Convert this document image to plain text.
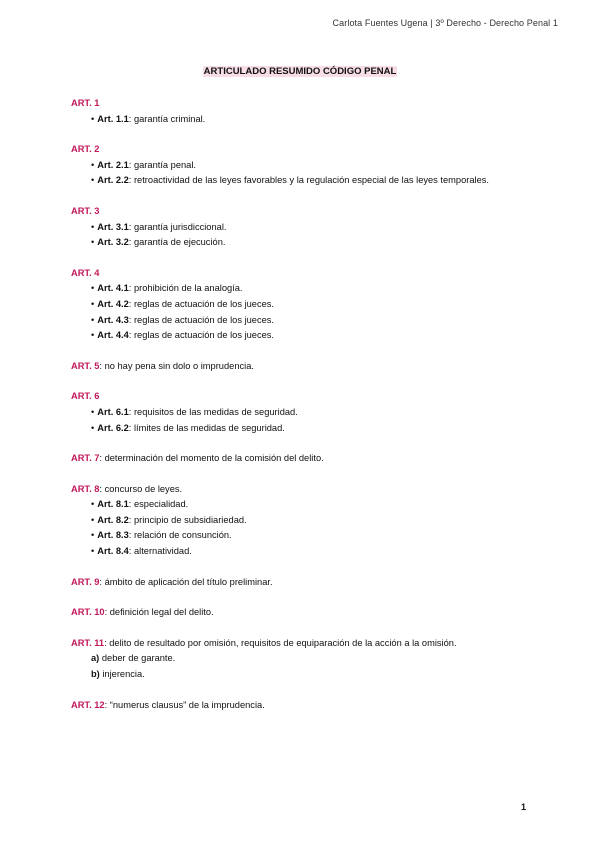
Carlota Fuentes Ugena | 3º Derecho - Derecho Penal 1
ARTICULADO RESUMIDO CÓDIGO PENAL
ART. 1
• Art. 1.1: garantía criminal.
ART. 2
• Art. 2.1: garantía penal.
• Art. 2.2: retroactividad de las leyes favorables y la regulación especial de las leyes temporales.
ART. 3
• Art. 3.1: garantía jurisdiccional.
• Art. 3.2: garantía de ejecución.
ART. 4
• Art. 4.1: prohibición de la analogía.
• Art. 4.2: reglas de actuación de los jueces.
• Art. 4.3: reglas de actuación de los jueces.
• Art. 4.4: reglas de actuación de los jueces.
ART. 5: no hay pena sin dolo o imprudencia.
ART. 6
• Art. 6.1: requisitos de las medidas de seguridad.
• Art. 6.2: límites de las medidas de seguridad.
ART. 7: determinación del momento de la comisión del delito.
ART. 8: concurso de leyes.
• Art. 8.1: especialidad.
• Art. 8.2: principio de subsidiariedad.
• Art. 8.3: relación de consunción.
• Art. 8.4: alternatividad.
ART. 9: ámbito de aplicación del título preliminar.
ART. 10: definición legal del delito.
ART. 11: delito de resultado por omisión, requisitos de equiparación de la acción a la omisión.
a) deber de garante.
b) injerencia.
ART. 12: “numerus clausus” de la imprudencia.
1
